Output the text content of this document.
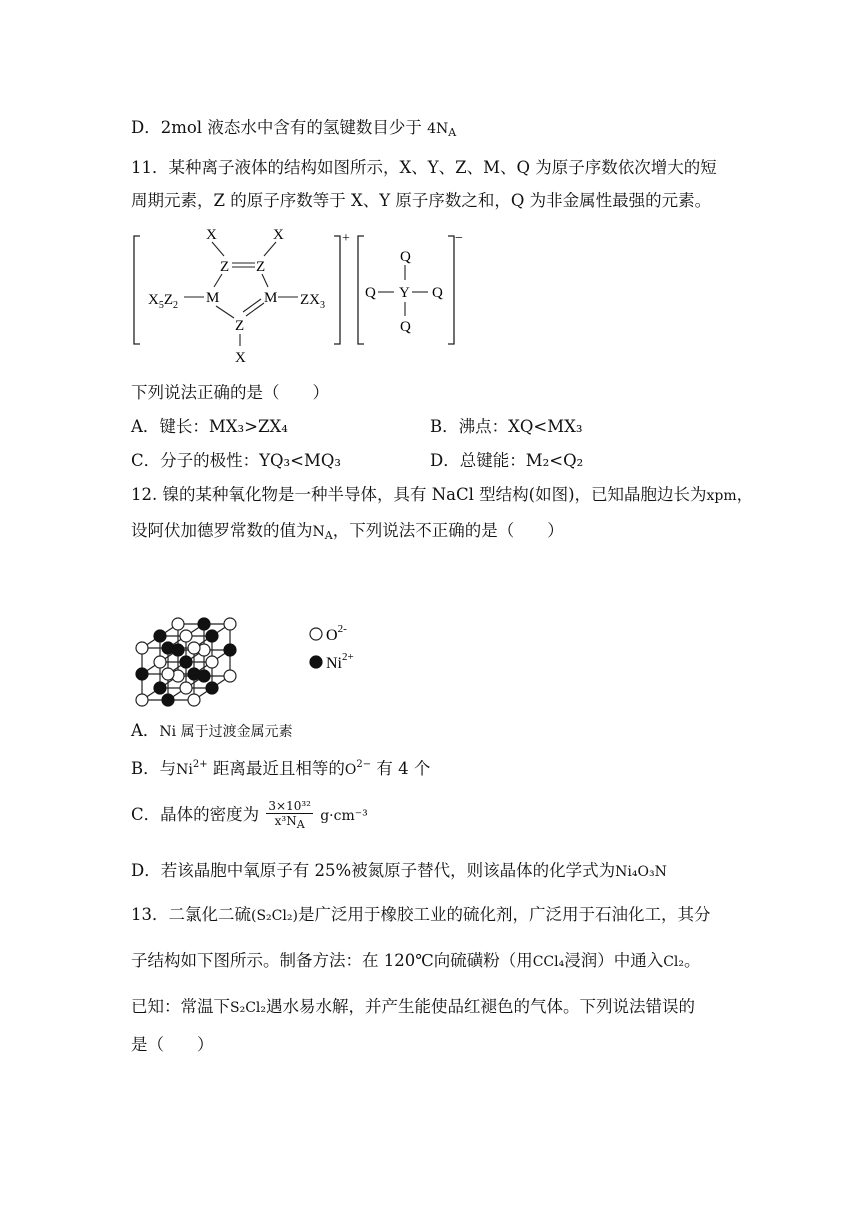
D．2mol 液态水中含有的氢键数目少于 $4N_A$
11．某种离子液体的结构如图所示，X、Y、Z、M、Q 为原子序数依次增大的短
周期元素，Z 的原子序数等于 X、Y 原子序数之和，Q 为非金属性最强的元素。
+
X	X
Z Z
M	M
Z
X
$X_5Z_2$	$ZX_3$
−
Q
Q Y Q
Q
下列说法正确的是（　　）
A．键长：MX₃>ZX₄	B．沸点：XQ<MX₃
C．分子的极性：YQ₃<MQ₃	D．总键能：M₂<Q₂
12. 镍的某种氧化物是一种半导体，具有 NaCl 型结构(如图)，已知晶胞边长为xpm，
设阿伏加德罗常数的值为$N_A$，下列说法不正确的是（　　）
$O^{2-}$
$Ni^{2+}$
A．Ni 属于过渡金属元素
B．与$Ni^{2+}$ 距离最近且相等的$O^{2-}$ 有 4 个
C．晶体的密度为 $\frac{\text{3×10³²}}{\text{x³NA}} g\cdot cm^{-3}$
D．若该晶胞中氧原子有 25%被氮原子替代，则该晶体的化学式为Ni₄O₃N
13．二氯化二硫(S₂Cl₂)是广泛用于橡胶工业的硫化剂，广泛用于石油化工，其分
子结构如下图所示。制备方法：在 120℃向硫磺粉（用CCl₄浸润）中通入Cl₂。
已知：常温下S₂Cl₂遇水易水解，并产生能使品红褪色的气体。下列说法错误的
是（　　）
